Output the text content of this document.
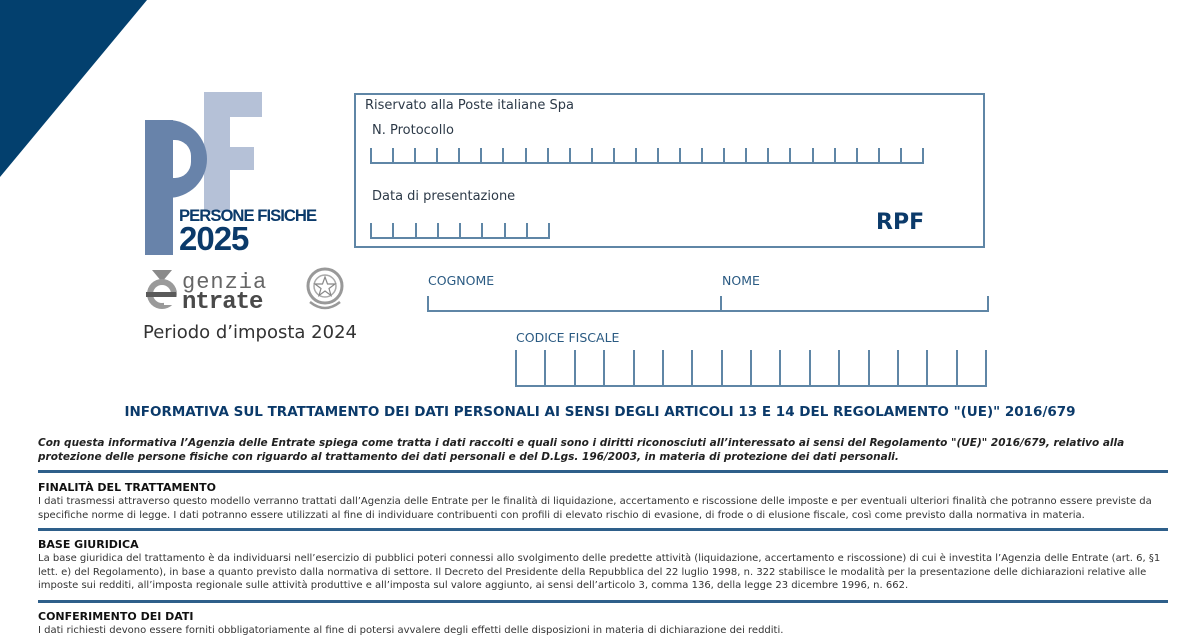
PERSONE FISICHE
2025
genzia
ntrate
Periodo d’imposta 2024
Riservato alla Poste italiane Spa
N. Protocollo
Data di presentazione
RPF
COGNOME	NOME
CODICE FISCALE
INFORMATIVA SUL TRATTAMENTO DEI DATI PERSONALI AI SENSI DEGLI ARTICOLI 13 E 14 DEL REGOLAMENTO "(UE)" 2016/679
Con questa informativa l’Agenzia delle Entrate spiega come tratta i dati raccolti e quali sono i diritti riconosciuti all’interessato ai sensi del Regolamento "(UE)" 2016/679, relativo alla protezione delle persone fisiche con riguardo al trattamento dei dati personali e del D.Lgs. 196/2003, in materia di protezione dei dati personali.
FINALITÀ DEL TRATTAMENTO
I dati trasmessi attraverso questo modello verranno trattati dall’Agenzia delle Entrate per le finalità di liquidazione, accertamento e riscossione delle imposte e per eventuali ulteriori finalità che potranno essere previste da specifiche norme di legge. I dati potranno essere utilizzati al fine di individuare contribuenti con profili di elevato rischio di evasione, di frode o di elusione fiscale, così come previsto dalla normativa in materia.
BASE GIURIDICA
La base giuridica del trattamento è da individuarsi nell’esercizio di pubblici poteri connessi allo svolgimento delle predette attività (liquidazione, accertamento e riscossione) di cui è investita l’Agenzia delle Entrate (art. 6, §1 lett. e) del Regolamento), in base a quanto previsto dalla normativa di settore. Il Decreto del Presidente della Repubblica del 22 luglio 1998, n. 322 stabilisce le modalità per la presentazione delle dichiarazioni relative alle imposte sui redditi, all’imposta regionale sulle attività produttive e all’imposta sul valore aggiunto, ai sensi dell’articolo 3, comma 136, della legge 23 dicembre 1996, n. 662.
CONFERIMENTO DEI DATI
I dati richiesti devono essere forniti obbligatoriamente al fine di potersi avvalere degli effetti delle disposizioni in materia di dichiarazione dei redditi.
